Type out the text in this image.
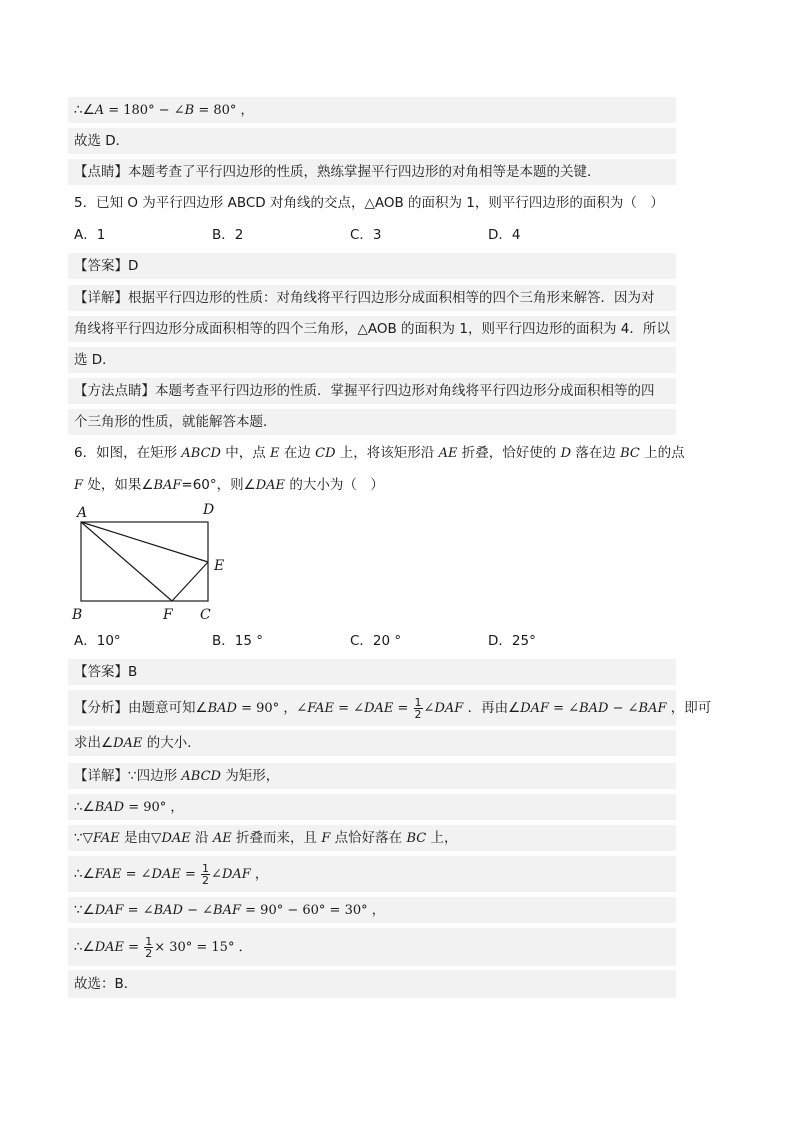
∴∠A = 180° − ∠B = 80° ，
故选 D．
【点睛】本题考查了平行四边形的性质，熟练掌握平行四边形的对角相等是本题的关键．
5．已知 O 为平行四边形 ABCD 对角线的交点，△AOB 的面积为 1，则平行四边形的面积为（　）
A．1	B．2	C．3	D．4
【答案】D
【详解】根据平行四边形的性质：对角线将平行四边形分成面积相等的四个三角形来解答．因为对
角线将平行四边形分成面积相等的四个三角形，△AOB 的面积为 1，则平行四边形的面积为 4．所以
选 D．
【方法点睛】本题考查平行四边形的性质．掌握平行四边形对角线将平行四边形分成面积相等的四
个三角形的性质，就能解答本题．
6．如图，在矩形 ABCD 中，点 E 在边 CD 上，将该矩形沿 AE 折叠，恰好使的 D 落在边 BC 上的点
F 处，如果∠BAF=60°，则∠DAE 的大小为（　）
A	D
E
B	F C
A．10°	B．15 °	C．20 °	D．25°
【答案】B
【分析】由题意可知∠BAD = 90° ，∠FAE = ∠DAE = $\frac{1}{2}$ ∠DAF ．再由∠DAF = ∠BAD − ∠BAF ，即可
求出∠DAE 的大小．
【详解】∵四边形 ABCD 为矩形，
∴∠BAD = 90° ，
∵▽FAE 是由▽DAE 沿 AE 折叠而来，且 F 点恰好落在 BC 上，
∴∠FAE = ∠DAE = $\frac{1}{2}$ ∠DAF ，
∵∠DAF = ∠BAD − ∠BAF = 90° − 60° = 30° ，
∴∠DAE = $\frac{1}{2} \times 30^\circ = 15^\circ$ ．
故选：B．
